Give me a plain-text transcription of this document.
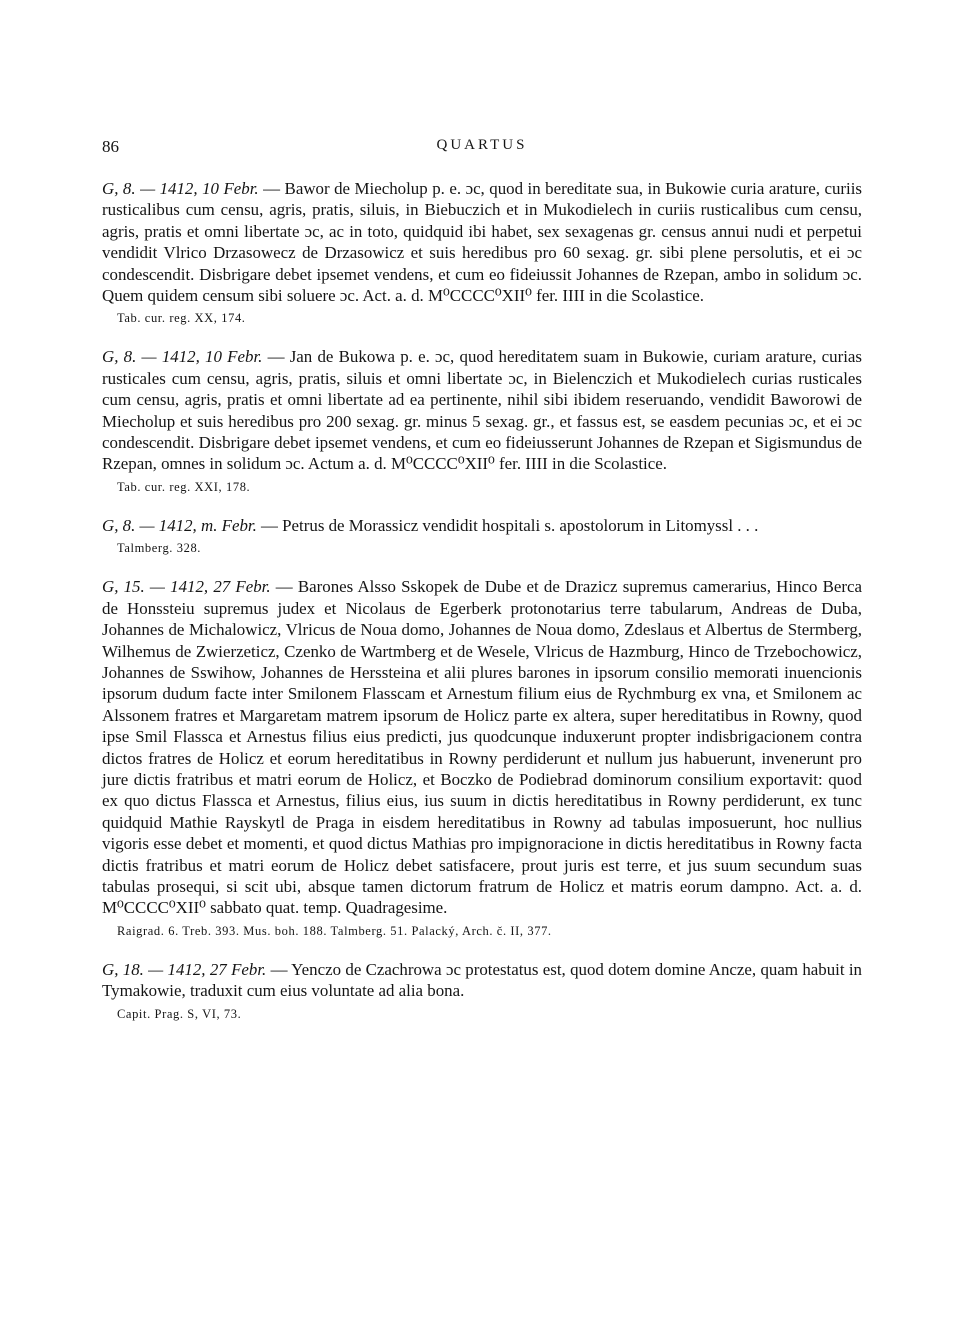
86	QUARTUS

G, 8. — 1412, 10 Febr. — Bawor de Miecholup p. e. ɔc, quod in bereditate sua, in Bukowie curia arature, curiis rusticalibus cum censu, agris, pratis, siluis, in Biebuczich et in Mukodielech in curiis rusticalibus cum censu, agris, pratis et omni libertate ɔc, ac in toto, quidquid ibi habet, sex sexagenas gr. census annui nudi et perpetui vendidit Vlrico Drzasowecz de Drzasowicz et suis heredibus pro 60 sexag. gr. sibi plene persolutis, et ei ɔc condescendit. Disbrigare debet ipsemet vendens, et cum eo fideiussit Johannes de Rzepan, ambo in solidum ɔc. Quem quidem censum sibi soluere ɔc. Act. a. d. M⁰CCCC⁰XII⁰ fer. IIII in die Scolastice.

Tab. cur. reg. XX, 174.

G, 8. — 1412, 10 Febr. — Jan de Bukowa p. e. ɔc, quod hereditatem suam in Bukowie, curiam arature, curias rusticales cum censu, agris, pratis, siluis et omni libertate ɔc, in Bielenczich et Mukodielech curias rusticales cum censu, agris, pratis et omni libertate ad ea pertinente, nihil sibi ibidem reseruando, vendidit Baworowi de Miecholup et suis heredibus pro 200 sexag. gr. minus 5 sexag. gr., et fassus est, se easdem pecunias ɔc, et ei ɔc condescendit. Disbrigare debet ipsemet vendens, et cum eo fideiusserunt Johannes de Rzepan et Sigismundus de Rzepan, omnes in solidum ɔc. Actum a. d. M⁰CCCC⁰XII⁰ fer. IIII in die Scolastice.

Tab. cur. reg. XXI, 178.

G, 8. — 1412, m. Febr. — Petrus de Morassicz vendidit hospitali s. apostolorum in Litomyssl . . .

Talmberg. 328.

G, 15. — 1412, 27 Febr. — Barones Alsso Sskopek de Dube et de Drazicz supremus camerarius, Hinco Berca de Honssteiu supremus judex et Nicolaus de Egerberk protonotarius terre tabularum, Andreas de Duba, Johannes de Michalowicz, Vlricus de Noua domo, Johannes de Noua domo, Zdeslaus et Albertus de Stermberg, Wilhemus de Zwierzeticz, Czenko de Wartmberg et de Wesele, Vlricus de Hazmburg, Hinco de Trzebochowicz, Johannes de Sswihow, Johannes de Herssteina et alii plures barones in ipsorum consilio memorati inuencionis ipsorum dudum facte inter Smilonem Flasscam et Arnestum filium eius de Rychmburg ex vna, et Smilonem ac Alssonem fratres et Margaretam matrem ipsorum de Holicz parte ex altera, super hereditatibus in Rowny, quod ipse Smil Flassca et Arnestus filius eius predicti, jus quodcunque induxerunt propter indisbrigacionem contra dictos fratres de Holicz et eorum hereditatibus in Rowny perdiderunt et nullum jus habuerunt, invenerunt pro jure dictis fratribus et matri eorum de Holicz, et Boczko de Podiebrad dominorum consilium exportavit: quod ex quo dictus Flassca et Arnestus, filius eius, ius suum in dictis hereditatibus in Rowny perdiderunt, ex tunc quidquid Mathie Rayskytl de Praga in eisdem hereditatibus in Rowny ad tabulas imposuerunt, hoc nullius vigoris esse debet et momenti, et quod dictus Mathias pro impignoracione in dictis hereditatibus in Rowny facta dictis fratribus et matri eorum de Holicz debet satisfacere, prout juris est terre, et jus suum secundum suas tabulas prosequi, si scit ubi, absque tamen dictorum fratrum de Holicz et matris eorum dampno. Act. a. d. M⁰CCCC⁰XII⁰ sabbato quat. temp. Quadragesime.

Raigrad. 6. Treb. 393. Mus. boh. 188. Talmberg. 51. Palacký, Arch. č. II, 377.

G, 18. — 1412, 27 Febr. — Yenczo de Czachrowa ɔc protestatus est, quod dotem domine Ancze, quam habuit in Tymakowie, traduxit cum eius voluntate ad alia bona.

Capit. Prag. S, VI, 73.
